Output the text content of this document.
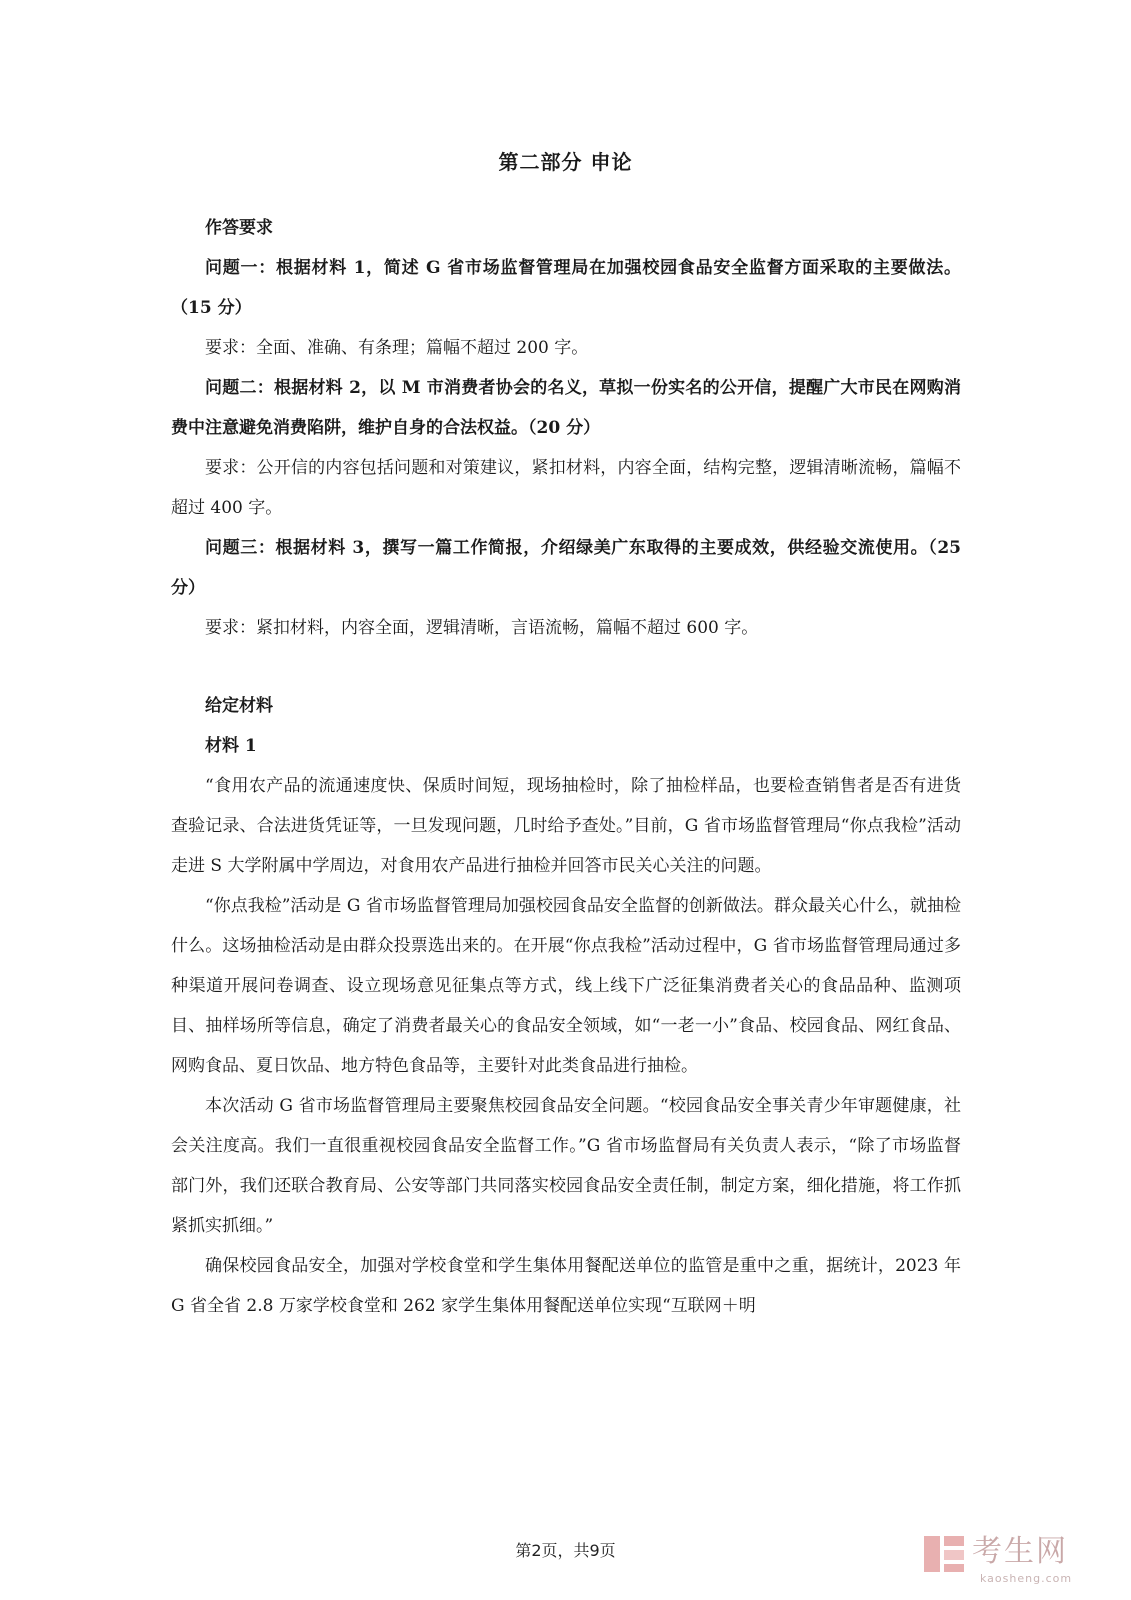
第二部分 申论
作答要求

问题一：根据材料 1，简述 G 省市场监督管理局在加强校园食品安全监督方面采取的主要做法。（15 分）

要求：全面、准确、有条理；篇幅不超过 200 字。

问题二：根据材料 2，以 M 市消费者协会的名义，草拟一份实名的公开信，提醒广大市民在网购消费中注意避免消费陷阱，维护自身的合法权益。（20 分）

要求：公开信的内容包括问题和对策建议，紧扣材料，内容全面，结构完整，逻辑清晰流畅，篇幅不超过 400 字。

问题三：根据材料 3，撰写一篇工作简报，介绍绿美广东取得的主要成效，供经验交流使用。（25 分）

要求：紧扣材料，内容全面，逻辑清晰，言语流畅，篇幅不超过 600 字。

给定材料
材料 1

“食用农产品的流通速度快、保质时间短，现场抽检时，除了抽检样品，也要检查销售者是否有进货查验记录、合法进货凭证等，一旦发现问题，几时给予查处。”目前，G 省市场监督管理局“你点我检”活动走进 S 大学附属中学周边，对食用农产品进行抽检并回答市民关心关注的问题。

“你点我检”活动是 G 省市场监督管理局加强校园食品安全监督的创新做法。群众最关心什么，就抽检什么。这场抽检活动是由群众投票选出来的。在开展“你点我检”活动过程中，G 省市场监督管理局通过多种渠道开展问卷调查、设立现场意见征集点等方式，线上线下广泛征集消费者关心的食品品种、监测项目、抽样场所等信息，确定了消费者最关心的食品安全领域，如“一老一小”食品、校园食品、网红食品、网购食品、夏日饮品、地方特色食品等，主要针对此类食品进行抽检。

本次活动 G 省市场监督管理局主要聚焦校园食品安全问题。“校园食品安全事关青少年审题健康，社会关注度高。我们一直很重视校园食品安全监督工作。”G 省市场监督局有关负责人表示，“除了市场监督部门外，我们还联合教育局、公安等部门共同落实校园食品安全责任制，制定方案，细化措施，将工作抓紧抓实抓细。”

确保校园食品安全，加强对学校食堂和学生集体用餐配送单位的监管是重中之重，据统计，2023 年 G 省全省 2.8 万家学校食堂和 262 家学生集体用餐配送单位实现“互联网＋明

第2页，共9页	考生网
kaosheng.com
